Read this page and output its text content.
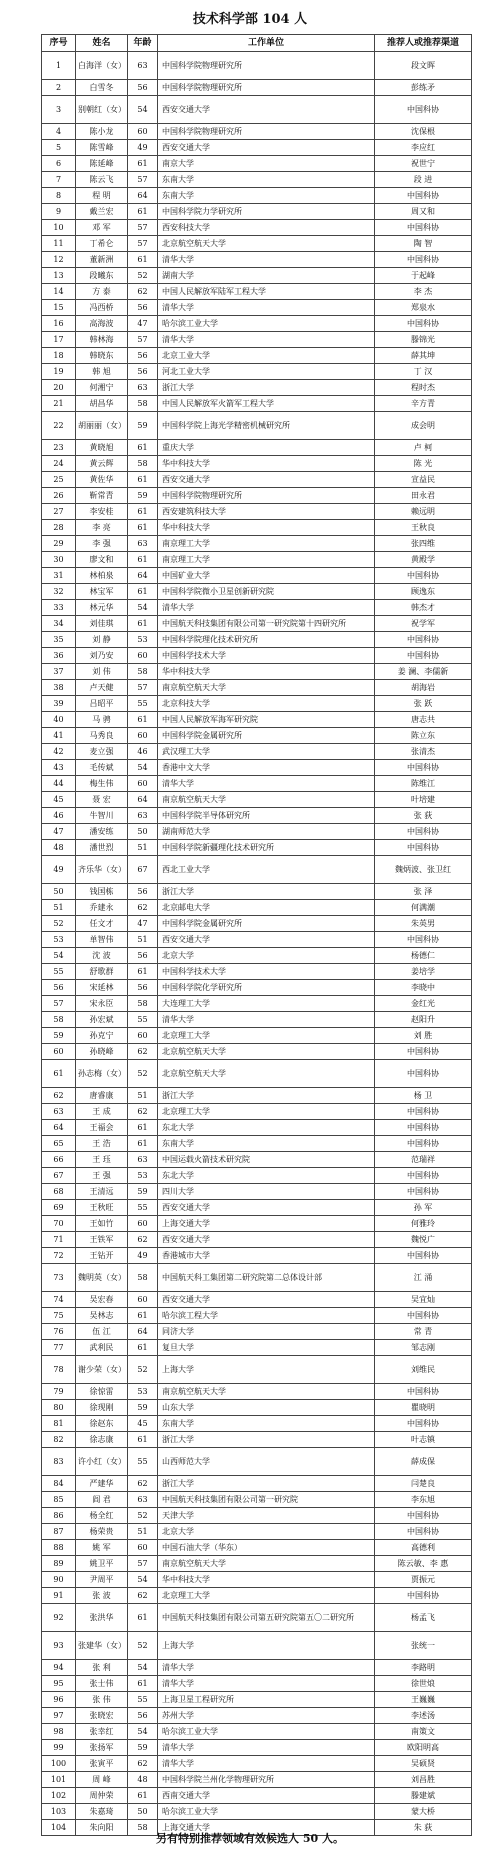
技术科学部 104 人
序号	姓名	年龄	工作单位	推荐人或推荐渠道
1	白海洋（女）	63	中国科学院物理研究所	段文晖
2	白雪冬	56	中国科学院物理研究所	彭练矛
3	别朝红（女）	54	西安交通大学	中国科协
4	陈小龙	60	中国科学院物理研究所	沈保根
5	陈雪峰	49	西安交通大学	李应红
6	陈延峰	61	南京大学	祝世宁
7	陈云飞	57	东南大学	段 进
8	程 明	64	东南大学	中国科协
9	戴兰宏	61	中国科学院力学研究所	周又和
10	邓 军	57	西安科技大学	中国科协
11	丁希仑	57	北京航空航天大学	陶 智
12	董新洲	61	清华大学	中国科协
13	段曦东	52	湖南大学	于起峰
14	方 泰	62	中国人民解放军陆军工程大学	李 杰
15	冯西桥	56	清华大学	郑泉水
16	高海波	47	哈尔滨工业大学	中国科协
17	韩林海	57	清华大学	滕锦光
18	韩晓东	56	北京工业大学	薛其坤
19	韩 旭	56	河北工业大学	丁 汉
20	何湘宁	63	浙江大学	程时杰
21	胡昌华	58	中国人民解放军火箭军工程大学	辛方青
22	胡丽丽（女）	59	中国科学院上海光学精密机械研究所	成会明
23	黄晓旭	61	重庆大学	卢 柯
24	黄云辉	58	华中科技大学	陈 光
25	黄佐华	61	西安交通大学	宣益民
26	靳常青	59	中国科学院物理研究所	田永君
27	李安桂	61	西安建筑科技大学	赖远明
28	李 亮	61	华中科技大学	王秋良
29	李 强	63	南京理工大学	张四维
30	廖文和	61	南京理工大学	黄殿学
31	林柏泉	64	中国矿业大学	中国科协
32	林宝军	61	中国科学院微小卫星创新研究院	顾逸东
33	林元华	54	清华大学	韩杰才
34	刘佳琪	61	中国航天科技集团有限公司第一研究院第十四研究所	祝学军
35	刘 静	53	中国科学院理化技术研究所	中国科协
36	刘乃安	60	中国科学技术大学	中国科协
37	刘 伟	58	华中科技大学	姜 澜、李儒新
38	卢天健	57	南京航空航天大学	胡海岩
39	吕昭平	55	北京科技大学	张 跃
40	马 骋	61	中国人民解放军海军研究院	唐志共
41	马秀良	60	中国科学院金属研究所	陈立东
42	麦立强	46	武汉理工大学	张清杰
43	毛传斌	54	香港中文大学	中国科协
44	梅生伟	60	清华大学	陈维江
45	聂 宏	64	南京航空航天大学	叶培建
46	牛智川	63	中国科学院半导体研究所	张 荻
47	潘安练	50	湖南师范大学	中国科协
48	潘世烈	51	中国科学院新疆理化技术研究所	中国科协
49	齐乐华（女）	67	西北工业大学	魏炳波、张卫红
50	钱国栋	56	浙江大学	张 泽
51	乔建永	62	北京邮电大学	何满潮
52	任文才	47	中国科学院金属研究所	朱英男
53	单智伟	51	西安交通大学	中国科协
54	沈 波	56	北京大学	杨德仁
55	舒歌群	61	中国科学技术大学	姜培学
56	宋延林	56	中国科学院化学研究所	李晓中
57	宋永臣	58	大连理工大学	金红光
58	孙宏斌	55	清华大学	赵阳升
59	孙克宁	60	北京理工大学	刘 胜
60	孙晓峰	62	北京航空航天大学	中国科协
61	孙志梅（女）	52	北京航空航天大学	中国科协
62	唐睿康	51	浙江大学	杨 卫
63	王 成	62	北京理工大学	中国科协
64	王福会	61	东北大学	中国科协
65	王 浩	61	东南大学	中国科协
66	王 珏	63	中国运载火箭技术研究院	范瑞祥
67	王 强	53	东北大学	中国科协
68	王清远	59	四川大学	中国科协
69	王秋旺	55	西安交通大学	孙 军
70	王如竹	60	上海交通大学	何雅玲
71	王铁军	62	西安交通大学	魏悦广
72	王钻开	49	香港城市大学	中国科协
73	魏明英（女）	58	中国航天科工集团第二研究院第二总体设计部	江 涌
74	吴宏春	60	西安交通大学	吴宜灿
75	吴林志	61	哈尔滨工程大学	中国科协
76	伍 江	64	同济大学	常 青
77	武利民	61	复旦大学	邹志刚
78	谢少荣（女）	52	上海大学	刘维民
79	徐惊雷	53	南京航空航天大学	中国科协
80	徐现刚	59	山东大学	瞿晓明
81	徐赵东	45	东南大学	中国科协
82	徐志康	61	浙江大学	叶志镇
83	许小红（女）	55	山西师范大学	薛成保
84	严建华	62	浙江大学	闫楚良
85	阎 君	63	中国航天科技集团有限公司第一研究院	李东旭
86	杨全红	52	天津大学	中国科协
87	杨荣贵	51	北京大学	中国科协
88	姚 军	60	中国石油大学（华东）	高德利
89	姚卫平	57	南京航空航天大学	陈云敏、李 惠
90	尹周平	54	华中科技大学	贾振元
91	张 波	62	北京理工大学	中国科协
92	张洪华	61	中国航天科技集团有限公司第五研究院第五〇二研究所	杨孟飞
93	张建华（女）	52	上海大学	张统一
94	张 利	54	清华大学	李路明
95	张士伟	61	清华大学	徐世烺
96	张 伟	55	上海卫星工程研究所	王巍巍
97	张晓宏	56	苏州大学	李述汤
98	张幸红	54	哈尔滨工业大学	南策文
99	张扬军	59	清华大学	欧阳明高
100	张寅平	62	清华大学	吴硕贤
101	周 峰	48	中国科学院兰州化学物理研究所	刘昌胜
102	周仲荣	61	西南交通大学	滕建斌
103	朱嘉琦	50	哈尔滨工业大学	蒙大桥
104	朱向阳	58	上海交通大学	朱 荻
另有特别推荐领域有效候选人 50 人。
